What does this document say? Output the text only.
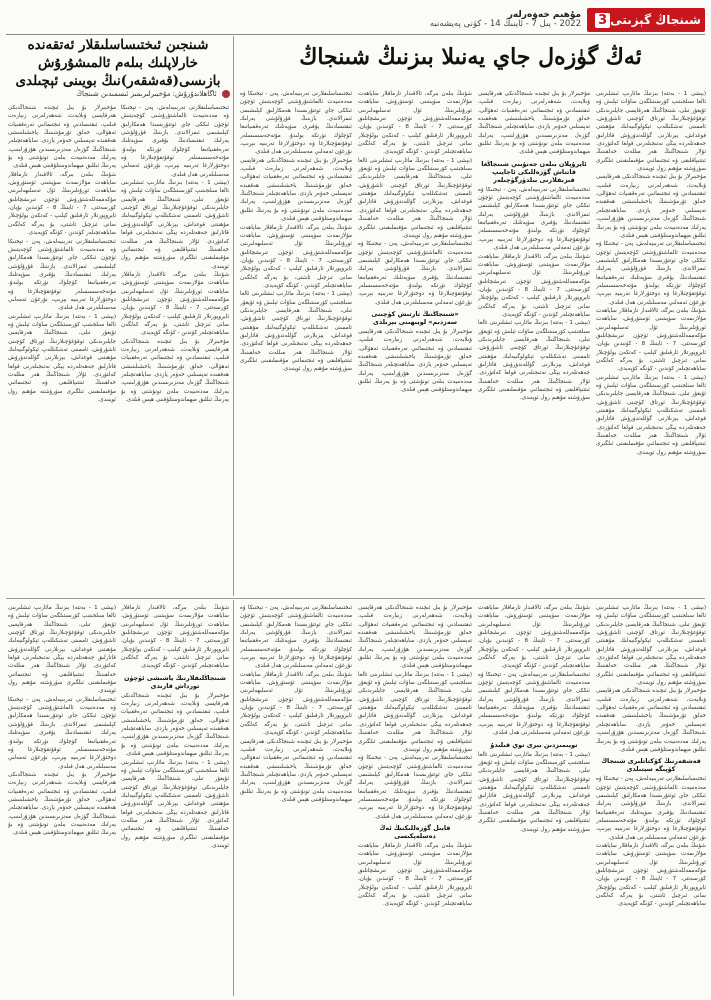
مۇھىم خەۋەرلەر
2022 - يىل 7 - ئاينىڭ 14 - كۈنى پەيشەنبە شىنجاڭ گېزىتى
3
ئەڭ گۈزەل جاي يەنىلا بىزنىڭ شىنجاڭ
شىنجىن ئىختىساسلىقلار ئەتقەندە خارلاپلىك بىلەم ئالمىشۇرۇش بازىسى(قەشقەر)نىڭ بويىنى ئېچىلدى
ئاگاھلاندۇرۇش: مۇخبىرلىرىمىز ئىسمىدىن شىنجاڭ	(بېشى 1 - بەتتە) بىزنىڭ مائارىپ ئىشلىرىنى ئالغا سىلجىتىپ كۆرسىتىلگەن ساۋات ئېلىش ۋە ئۇيغۇر تىلى، شىنجاڭنىڭ ھەرقايسى جايلىرىدىكى ئوقۇغۇچىلارنىڭ ئورتاق كۈچىنى ئاشۇرۇش، ئاممىنى تەشكىللەپ ئېكولوگىيەلىك مۇھىتنى قوغداش، يېزىلارنى گۈللەندۈرۈش قاتارلىق جەھەتلەردە يېڭى نەتىجىلەرنى قولغا كەلتۈردى. ئۇلار شىنجاڭنىڭ ھەر مىللەت خەلقىنىڭ ئىتتىپاقلىقى ۋە ئىجتىمائىي مۇقىملىقىنى ئىلگىرى سۈرۈشتە مۇھىم رول ئوينىدى.

مۇخبىرلار بۇ يىل ئىچىدە شىنجاڭدىكى ھەرقايسى ۋىلايەت، شەھەرلەرنى زىيارەت قىلىپ، ئىقتىسادىي ۋە ئىجتىمائىي تەرەققىيات ئەھۋالى، خەلق تۇرمۇشىنىڭ ياخشىلىنىشى ھەققىدە تەپسىلىي خەۋەر يازدى. ساياھەتچىلەر شىنجاڭنىڭ گۈزەل مەنزىرىسىدىن ھۇزۇرلىنىپ، يەرلىك مەدەنىيەت بىلەن تونۇشتى ۋە بۇ يەرنىڭ ئىللىق مېھماندوستلۇقىنى ھېس قىلدى.

ئىختىساسلىقلارنى تەربىيەلەش، پەن - تېخنىكا ۋە مەدەنىيەت ئالماشتۇرۇشنى كۈچەيتىش ئۈچۈن ئىككى جاي ئوتتۇرىسىدا ھەمكارلىق كېلىشىمى ئىمزالاندى. بازىنىڭ قۇرۇلۇشى يەرلىك ئىقتىسادنىڭ يۇقىرى سۈپەتلىك تەرەققىياتىغا كۈچلۈك تۈرتكە بولىدۇ. مۇتەخەسسىسلەر ئوقۇتقۇچىلارغا ۋە دوختۇرلارغا تەربىيە بېرىپ، نۇرغۇن ئەمەلىي مەسىلىلەرنى ھەل قىلدى.

شۇنىڭ بىلەن بىرگە، ئالاقىدار تارماقلار ساياھەت مۇلازىمەت سۈپىتىنى ئۆستۈرۈش، ساياھەت ئورۇنلىرىنىڭ ئۇل ئەسلىھەلىرىنى مۇكەممەللەشتۈرۈش ئۈچۈن تىرىشچانلىق كۆرسەتتى. 7 - ئاينىڭ 8 - كۈنىدىن بۇيان، ئايروپورتلار ئارقىلىق كېلىپ - كەتكەن يولۇچىلار سانى ئىزچىل ئاشتى، بۇ يەرگە كەلگەن ساياھەتچىلەر كۈندىن - كۈنگە كۆپەيدى.

(بېشى 1 - بەتتە) بىزنىڭ مائارىپ ئىشلىرىنى ئالغا سىلجىتىپ كۆرسىتىلگەن ساۋات ئېلىش ۋە ئۇيغۇر تىلى، شىنجاڭنىڭ ھەرقايسى جايلىرىدىكى ئوقۇغۇچىلارنىڭ ئورتاق كۈچىنى ئاشۇرۇش، ئاممىنى تەشكىللەپ ئېكولوگىيەلىك مۇھىتنى قوغداش، يېزىلارنى گۈللەندۈرۈش قاتارلىق جەھەتلەردە يېڭى نەتىجىلەرنى قولغا كەلتۈردى. ئۇلار شىنجاڭنىڭ ھەر مىللەت خەلقىنىڭ ئىتتىپاقلىقى ۋە ئىجتىمائىي مۇقىملىقىنى ئىلگىرى سۈرۈشتە مۇھىم رول ئوينىدى.

مۇخبىرلار بۇ يىل ئىچىدە شىنجاڭدىكى ھەرقايسى ۋىلايەت، شەھەرلەرنى زىيارەت قىلىپ، ئىقتىسادىي ۋە ئىجتىمائىي تەرەققىيات ئەھۋالى، خەلق تۇرمۇشىنىڭ ياخشىلىنىشى ھەققىدە تەپسىلىي خەۋەر يازدى. ساياھەتچىلەر شىنجاڭنىڭ گۈزەل مەنزىرىسىدىن ھۇزۇرلىنىپ، يەرلىك مەدەنىيەت بىلەن تونۇشتى ۋە بۇ يەرنىڭ ئىللىق مېھماندوستلۇقىنى ھېس قىلدى.

ئايرۇپلان بىلەن جەنۇبىي شىنجاڭغا قاتناش گۈزەللىكى ئاجايىپ قىزىقلارنى بىلدۈرگۈچىلەر

ئىختىساسلىقلارنى تەربىيەلەش، پەن - تېخنىكا ۋە مەدەنىيەت ئالماشتۇرۇشنى كۈچەيتىش ئۈچۈن ئىككى جاي ئوتتۇرىسىدا ھەمكارلىق كېلىشىمى ئىمزالاندى. بازىنىڭ قۇرۇلۇشى يەرلىك ئىقتىسادنىڭ يۇقىرى سۈپەتلىك تەرەققىياتىغا كۈچلۈك تۈرتكە بولىدۇ. مۇتەخەسسىسلەر ئوقۇتقۇچىلارغا ۋە دوختۇرلارغا تەربىيە بېرىپ، نۇرغۇن ئەمەلىي مەسىلىلەرنى ھەل قىلدى.

شۇنىڭ بىلەن بىرگە، ئالاقىدار تارماقلار ساياھەت مۇلازىمەت سۈپىتىنى ئۆستۈرۈش، ساياھەت ئورۇنلىرىنىڭ ئۇل ئەسلىھەلىرىنى مۇكەممەللەشتۈرۈش ئۈچۈن تىرىشچانلىق كۆرسەتتى. 7 - ئاينىڭ 8 - كۈنىدىن بۇيان، ئايروپورتلار ئارقىلىق كېلىپ - كەتكەن يولۇچىلار سانى ئىزچىل ئاشتى، بۇ يەرگە كەلگەن ساياھەتچىلەر كۈندىن - كۈنگە كۆپەيدى.

(بېشى 1 - بەتتە) بىزنىڭ مائارىپ ئىشلىرىنى ئالغا سىلجىتىپ كۆرسىتىلگەن ساۋات ئېلىش ۋە ئۇيغۇر تىلى، شىنجاڭنىڭ ھەرقايسى جايلىرىدىكى ئوقۇغۇچىلارنىڭ ئورتاق كۈچىنى ئاشۇرۇش، ئاممىنى تەشكىللەپ ئېكولوگىيەلىك مۇھىتنى قوغداش، يېزىلارنى گۈللەندۈرۈش قاتارلىق جەھەتلەردە يېڭى نەتىجىلەرنى قولغا كەلتۈردى. ئۇلار شىنجاڭنىڭ ھەر مىللەت خەلقىنىڭ ئىتتىپاقلىقى ۋە ئىجتىمائىي مۇقىملىقىنى ئىلگىرى سۈرۈشتە مۇھىم رول ئوينىدى.

شۇنىڭ بىلەن بىرگە، ئالاقىدار تارماقلار ساياھەت مۇلازىمەت سۈپىتىنى ئۆستۈرۈش، ساياھەت ئورۇنلىرىنىڭ ئۇل ئەسلىھەلىرىنى مۇكەممەللەشتۈرۈش ئۈچۈن تىرىشچانلىق كۆرسەتتى. 7 - ئاينىڭ 8 - كۈنىدىن بۇيان، ئايروپورتلار ئارقىلىق كېلىپ - كەتكەن يولۇچىلار سانى ئىزچىل ئاشتى، بۇ يەرگە كەلگەن ساياھەتچىلەر كۈندىن - كۈنگە كۆپەيدى.

(بېشى 1 - بەتتە) بىزنىڭ مائارىپ ئىشلىرىنى ئالغا سىلجىتىپ كۆرسىتىلگەن ساۋات ئېلىش ۋە ئۇيغۇر تىلى، شىنجاڭنىڭ ھەرقايسى جايلىرىدىكى ئوقۇغۇچىلارنىڭ ئورتاق كۈچىنى ئاشۇرۇش، ئاممىنى تەشكىللەپ ئېكولوگىيەلىك مۇھىتنى قوغداش، يېزىلارنى گۈللەندۈرۈش قاتارلىق جەھەتلەردە يېڭى نەتىجىلەرنى قولغا كەلتۈردى. ئۇلار شىنجاڭنىڭ ھەر مىللەت خەلقىنىڭ ئىتتىپاقلىقى ۋە ئىجتىمائىي مۇقىملىقىنى ئىلگىرى سۈرۈشتە مۇھىم رول ئوينىدى.

ئىختىساسلىقلارنى تەربىيەلەش، پەن - تېخنىكا ۋە مەدەنىيەت ئالماشتۇرۇشنى كۈچەيتىش ئۈچۈن ئىككى جاي ئوتتۇرىسىدا ھەمكارلىق كېلىشىمى ئىمزالاندى. بازىنىڭ قۇرۇلۇشى يەرلىك ئىقتىسادنىڭ يۇقىرى سۈپەتلىك تەرەققىياتىغا كۈچلۈك تۈرتكە بولىدۇ. مۇتەخەسسىسلەر ئوقۇتقۇچىلارغا ۋە دوختۇرلارغا تەربىيە بېرىپ، نۇرغۇن ئەمەلىي مەسىلىلەرنى ھەل قىلدى.

«شىنجاڭنىڭ تارتىش كۈچىنى سەزدىم» لويىھىنى بېرىلدى

مۇخبىرلار بۇ يىل ئىچىدە شىنجاڭدىكى ھەرقايسى ۋىلايەت، شەھەرلەرنى زىيارەت قىلىپ، ئىقتىسادىي ۋە ئىجتىمائىي تەرەققىيات ئەھۋالى، خەلق تۇرمۇشىنىڭ ياخشىلىنىشى ھەققىدە تەپسىلىي خەۋەر يازدى. ساياھەتچىلەر شىنجاڭنىڭ گۈزەل مەنزىرىسىدىن ھۇزۇرلىنىپ، يەرلىك مەدەنىيەت بىلەن تونۇشتى ۋە بۇ يەرنىڭ ئىللىق مېھماندوستلۇقىنى ھېس قىلدى.

ئىختىساسلىقلارنى تەربىيەلەش، پەن - تېخنىكا ۋە مەدەنىيەت ئالماشتۇرۇشنى كۈچەيتىش ئۈچۈن ئىككى جاي ئوتتۇرىسىدا ھەمكارلىق كېلىشىمى ئىمزالاندى. بازىنىڭ قۇرۇلۇشى يەرلىك ئىقتىسادنىڭ يۇقىرى سۈپەتلىك تەرەققىياتىغا كۈچلۈك تۈرتكە بولىدۇ. مۇتەخەسسىسلەر ئوقۇتقۇچىلارغا ۋە دوختۇرلارغا تەربىيە بېرىپ، نۇرغۇن ئەمەلىي مەسىلىلەرنى ھەل قىلدى.

مۇخبىرلار بۇ يىل ئىچىدە شىنجاڭدىكى ھەرقايسى ۋىلايەت، شەھەرلەرنى زىيارەت قىلىپ، ئىقتىسادىي ۋە ئىجتىمائىي تەرەققىيات ئەھۋالى، خەلق تۇرمۇشىنىڭ ياخشىلىنىشى ھەققىدە تەپسىلىي خەۋەر يازدى. ساياھەتچىلەر شىنجاڭنىڭ گۈزەل مەنزىرىسىدىن ھۇزۇرلىنىپ، يەرلىك مەدەنىيەت بىلەن تونۇشتى ۋە بۇ يەرنىڭ ئىللىق مېھماندوستلۇقىنى ھېس قىلدى.

شۇنىڭ بىلەن بىرگە، ئالاقىدار تارماقلار ساياھەت مۇلازىمەت سۈپىتىنى ئۆستۈرۈش، ساياھەت ئورۇنلىرىنىڭ ئۇل ئەسلىھەلىرىنى مۇكەممەللەشتۈرۈش ئۈچۈن تىرىشچانلىق كۆرسەتتى. 7 - ئاينىڭ 8 - كۈنىدىن بۇيان، ئايروپورتلار ئارقىلىق كېلىپ - كەتكەن يولۇچىلار سانى ئىزچىل ئاشتى، بۇ يەرگە كەلگەن ساياھەتچىلەر كۈندىن - كۈنگە كۆپەيدى.

(بېشى 1 - بەتتە) بىزنىڭ مائارىپ ئىشلىرىنى ئالغا سىلجىتىپ كۆرسىتىلگەن ساۋات ئېلىش ۋە ئۇيغۇر تىلى، شىنجاڭنىڭ ھەرقايسى جايلىرىدىكى ئوقۇغۇچىلارنىڭ ئورتاق كۈچىنى ئاشۇرۇش، ئاممىنى تەشكىللەپ ئېكولوگىيەلىك مۇھىتنى قوغداش، يېزىلارنى گۈللەندۈرۈش قاتارلىق جەھەتلەردە يېڭى نەتىجىلەرنى قولغا كەلتۈردى. ئۇلار شىنجاڭنىڭ ھەر مىللەت خەلقىنىڭ ئىتتىپاقلىقى ۋە ئىجتىمائىي مۇقىملىقىنى ئىلگىرى سۈرۈشتە مۇھىم رول ئوينىدى.

ئىختىساسلىقلارنى تەربىيەلەش، پەن - تېخنىكا ۋە مەدەنىيەت ئالماشتۇرۇشنى كۈچەيتىش ئۈچۈن ئىككى جاي ئوتتۇرىسىدا ھەمكارلىق كېلىشىمى ئىمزالاندى. بازىنىڭ قۇرۇلۇشى يەرلىك ئىقتىسادنىڭ يۇقىرى سۈپەتلىك تەرەققىياتىغا كۈچلۈك تۈرتكە بولىدۇ. مۇتەخەسسىسلەر ئوقۇتقۇچىلارغا ۋە دوختۇرلارغا تەربىيە بېرىپ، نۇرغۇن ئەمەلىي مەسىلىلەرنى ھەل قىلدى.

(بېشى 1 - بەتتە) بىزنىڭ مائارىپ ئىشلىرىنى ئالغا سىلجىتىپ كۆرسىتىلگەن ساۋات ئېلىش ۋە ئۇيغۇر تىلى، شىنجاڭنىڭ ھەرقايسى جايلىرىدىكى ئوقۇغۇچىلارنىڭ ئورتاق كۈچىنى ئاشۇرۇش، ئاممىنى تەشكىللەپ ئېكولوگىيەلىك مۇھىتنى قوغداش، يېزىلارنى گۈللەندۈرۈش قاتارلىق جەھەتلەردە يېڭى نەتىجىلەرنى قولغا كەلتۈردى. ئۇلار شىنجاڭنىڭ ھەر مىللەت خەلقىنىڭ ئىتتىپاقلىقى ۋە ئىجتىمائىي مۇقىملىقىنى ئىلگىرى سۈرۈشتە مۇھىم رول ئوينىدى.

شۇنىڭ بىلەن بىرگە، ئالاقىدار تارماقلار ساياھەت مۇلازىمەت سۈپىتىنى ئۆستۈرۈش، ساياھەت ئورۇنلىرىنىڭ ئۇل ئەسلىھەلىرىنى مۇكەممەللەشتۈرۈش ئۈچۈن تىرىشچانلىق كۆرسەتتى. 7 - ئاينىڭ 8 - كۈنىدىن بۇيان، ئايروپورتلار ئارقىلىق كېلىپ - كەتكەن يولۇچىلار سانى ئىزچىل ئاشتى، بۇ يەرگە كەلگەن ساياھەتچىلەر كۈندىن - كۈنگە كۆپەيدى.

مۇخبىرلار بۇ يىل ئىچىدە شىنجاڭدىكى ھەرقايسى ۋىلايەت، شەھەرلەرنى زىيارەت قىلىپ، ئىقتىسادىي ۋە ئىجتىمائىي تەرەققىيات ئەھۋالى، خەلق تۇرمۇشىنىڭ ياخشىلىنىشى ھەققىدە تەپسىلىي خەۋەر يازدى. ساياھەتچىلەر شىنجاڭنىڭ گۈزەل مەنزىرىسىدىن ھۇزۇرلىنىپ، يەرلىك مەدەنىيەت بىلەن تونۇشتى ۋە بۇ يەرنىڭ ئىللىق مېھماندوستلۇقىنى ھېس قىلدى.

مۇخبىرلار بۇ يىل ئىچىدە شىنجاڭدىكى ھەرقايسى ۋىلايەت، شەھەرلەرنى زىيارەت قىلىپ، ئىقتىسادىي ۋە ئىجتىمائىي تەرەققىيات ئەھۋالى، خەلق تۇرمۇشىنىڭ ياخشىلىنىشى ھەققىدە تەپسىلىي خەۋەر يازدى. ساياھەتچىلەر شىنجاڭنىڭ گۈزەل مەنزىرىسىدىن ھۇزۇرلىنىپ، يەرلىك مەدەنىيەت بىلەن تونۇشتى ۋە بۇ يەرنىڭ ئىللىق مېھماندوستلۇقىنى ھېس قىلدى.

شۇنىڭ بىلەن بىرگە، ئالاقىدار تارماقلار ساياھەت مۇلازىمەت سۈپىتىنى ئۆستۈرۈش، ساياھەت ئورۇنلىرىنىڭ ئۇل ئەسلىھەلىرىنى مۇكەممەللەشتۈرۈش ئۈچۈن تىرىشچانلىق كۆرسەتتى. 7 - ئاينىڭ 8 - كۈنىدىن بۇيان، ئايروپورتلار ئارقىلىق كېلىپ - كەتكەن يولۇچىلار سانى ئىزچىل ئاشتى، بۇ يەرگە كەلگەن ساياھەتچىلەر كۈندىن - كۈنگە كۆپەيدى.

ئىختىساسلىقلارنى تەربىيەلەش، پەن - تېخنىكا ۋە مەدەنىيەت ئالماشتۇرۇشنى كۈچەيتىش ئۈچۈن ئىككى جاي ئوتتۇرىسىدا ھەمكارلىق كېلىشىمى ئىمزالاندى. بازىنىڭ قۇرۇلۇشى يەرلىك ئىقتىسادنىڭ يۇقىرى سۈپەتلىك تەرەققىياتىغا كۈچلۈك تۈرتكە بولىدۇ. مۇتەخەسسىسلەر ئوقۇتقۇچىلارغا ۋە دوختۇرلارغا تەربىيە بېرىپ، نۇرغۇن ئەمەلىي مەسىلىلەرنى ھەل قىلدى.

(بېشى 1 - بەتتە) بىزنىڭ مائارىپ ئىشلىرىنى ئالغا سىلجىتىپ كۆرسىتىلگەن ساۋات ئېلىش ۋە ئۇيغۇر تىلى، شىنجاڭنىڭ ھەرقايسى جايلىرىدىكى ئوقۇغۇچىلارنىڭ ئورتاق كۈچىنى ئاشۇرۇش، ئاممىنى تەشكىللەپ ئېكولوگىيەلىك مۇھىتنى قوغداش، يېزىلارنى گۈللەندۈرۈش قاتارلىق جەھەتلەردە يېڭى نەتىجىلەرنى قولغا كەلتۈردى. ئۇلار شىنجاڭنىڭ ھەر مىللەت خەلقىنىڭ ئىتتىپاقلىقى ۋە ئىجتىمائىي مۇقىملىقىنى ئىلگىرى سۈرۈشتە مۇھىم رول ئوينىدى.

(بېشى 1 - بەتتە) بىزنىڭ مائارىپ ئىشلىرىنى ئالغا سىلجىتىپ كۆرسىتىلگەن ساۋات ئېلىش ۋە ئۇيغۇر تىلى، شىنجاڭنىڭ ھەرقايسى جايلىرىدىكى ئوقۇغۇچىلارنىڭ ئورتاق كۈچىنى ئاشۇرۇش، ئاممىنى تەشكىللەپ ئېكولوگىيەلىك مۇھىتنى قوغداش، يېزىلارنى گۈللەندۈرۈش قاتارلىق جەھەتلەردە يېڭى نەتىجىلەرنى قولغا كەلتۈردى. ئۇلار شىنجاڭنىڭ ھەر مىللەت خەلقىنىڭ ئىتتىپاقلىقى ۋە ئىجتىمائىي مۇقىملىقىنى ئىلگىرى سۈرۈشتە مۇھىم رول ئوينىدى.

مۇخبىرلار بۇ يىل ئىچىدە شىنجاڭدىكى ھەرقايسى ۋىلايەت، شەھەرلەرنى زىيارەت قىلىپ، ئىقتىسادىي ۋە ئىجتىمائىي تەرەققىيات ئەھۋالى، خەلق تۇرمۇشىنىڭ ياخشىلىنىشى ھەققىدە تەپسىلىي خەۋەر يازدى. ساياھەتچىلەر شىنجاڭنىڭ گۈزەل مەنزىرىسىدىن ھۇزۇرلىنىپ، يەرلىك مەدەنىيەت بىلەن تونۇشتى ۋە بۇ يەرنىڭ ئىللىق مېھماندوستلۇقىنى ھېس قىلدى.

قەشقەرنىڭ كۆكتاتلىرى شىنجاڭ كۆپىگە سېتىلدى

ئىختىساسلىقلارنى تەربىيەلەش، پەن - تېخنىكا ۋە مەدەنىيەت ئالماشتۇرۇشنى كۈچەيتىش ئۈچۈن ئىككى جاي ئوتتۇرىسىدا ھەمكارلىق كېلىشىمى ئىمزالاندى. بازىنىڭ قۇرۇلۇشى يەرلىك ئىقتىسادنىڭ يۇقىرى سۈپەتلىك تەرەققىياتىغا كۈچلۈك تۈرتكە بولىدۇ. مۇتەخەسسىسلەر ئوقۇتقۇچىلارغا ۋە دوختۇرلارغا تەربىيە بېرىپ، نۇرغۇن ئەمەلىي مەسىلىلەرنى ھەل قىلدى.

شۇنىڭ بىلەن بىرگە، ئالاقىدار تارماقلار ساياھەت مۇلازىمەت سۈپىتىنى ئۆستۈرۈش، ساياھەت ئورۇنلىرىنىڭ ئۇل ئەسلىھەلىرىنى مۇكەممەللەشتۈرۈش ئۈچۈن تىرىشچانلىق كۆرسەتتى. 7 - ئاينىڭ 8 - كۈنىدىن بۇيان، ئايروپورتلار ئارقىلىق كېلىپ - كەتكەن يولۇچىلار سانى ئىزچىل ئاشتى، بۇ يەرگە كەلگەن ساياھەتچىلەر كۈندىن - كۈنگە كۆپەيدى.

شۇنىڭ بىلەن بىرگە، ئالاقىدار تارماقلار ساياھەت مۇلازىمەت سۈپىتىنى ئۆستۈرۈش، ساياھەت ئورۇنلىرىنىڭ ئۇل ئەسلىھەلىرىنى مۇكەممەللەشتۈرۈش ئۈچۈن تىرىشچانلىق كۆرسەتتى. 7 - ئاينىڭ 8 - كۈنىدىن بۇيان، ئايروپورتلار ئارقىلىق كېلىپ - كەتكەن يولۇچىلار سانى ئىزچىل ئاشتى، بۇ يەرگە كەلگەن ساياھەتچىلەر كۈندىن - كۈنگە كۆپەيدى.

ئىختىساسلىقلارنى تەربىيەلەش، پەن - تېخنىكا ۋە مەدەنىيەت ئالماشتۇرۇشنى كۈچەيتىش ئۈچۈن ئىككى جاي ئوتتۇرىسىدا ھەمكارلىق كېلىشىمى ئىمزالاندى. بازىنىڭ قۇرۇلۇشى يەرلىك ئىقتىسادنىڭ يۇقىرى سۈپەتلىك تەرەققىياتىغا كۈچلۈك تۈرتكە بولىدۇ. مۇتەخەسسىسلەر ئوقۇتقۇچىلارغا ۋە دوختۇرلارغا تەربىيە بېرىپ، نۇرغۇن ئەمەلىي مەسىلىلەرنى ھەل قىلدى.

تويىمىزدىن بېرى توي قىلىدۇ

(بېشى 1 - بەتتە) بىزنىڭ مائارىپ ئىشلىرىنى ئالغا سىلجىتىپ كۆرسىتىلگەن ساۋات ئېلىش ۋە ئۇيغۇر تىلى، شىنجاڭنىڭ ھەرقايسى جايلىرىدىكى ئوقۇغۇچىلارنىڭ ئورتاق كۈچىنى ئاشۇرۇش، ئاممىنى تەشكىللەپ ئېكولوگىيەلىك مۇھىتنى قوغداش، يېزىلارنى گۈللەندۈرۈش قاتارلىق جەھەتلەردە يېڭى نەتىجىلەرنى قولغا كەلتۈردى. ئۇلار شىنجاڭنىڭ ھەر مىللەت خەلقىنىڭ ئىتتىپاقلىقى ۋە ئىجتىمائىي مۇقىملىقىنى ئىلگىرى سۈرۈشتە مۇھىم رول ئوينىدى.

مۇخبىرلار بۇ يىل ئىچىدە شىنجاڭدىكى ھەرقايسى ۋىلايەت، شەھەرلەرنى زىيارەت قىلىپ، ئىقتىسادىي ۋە ئىجتىمائىي تەرەققىيات ئەھۋالى، خەلق تۇرمۇشىنىڭ ياخشىلىنىشى ھەققىدە تەپسىلىي خەۋەر يازدى. ساياھەتچىلەر شىنجاڭنىڭ گۈزەل مەنزىرىسىدىن ھۇزۇرلىنىپ، يەرلىك مەدەنىيەت بىلەن تونۇشتى ۋە بۇ يەرنىڭ ئىللىق مېھماندوستلۇقىنى ھېس قىلدى.

(بېشى 1 - بەتتە) بىزنىڭ مائارىپ ئىشلىرىنى ئالغا سىلجىتىپ كۆرسىتىلگەن ساۋات ئېلىش ۋە ئۇيغۇر تىلى، شىنجاڭنىڭ ھەرقايسى جايلىرىدىكى ئوقۇغۇچىلارنىڭ ئورتاق كۈچىنى ئاشۇرۇش، ئاممىنى تەشكىللەپ ئېكولوگىيەلىك مۇھىتنى قوغداش، يېزىلارنى گۈللەندۈرۈش قاتارلىق جەھەتلەردە يېڭى نەتىجىلەرنى قولغا كەلتۈردى. ئۇلار شىنجاڭنىڭ ھەر مىللەت خەلقىنىڭ ئىتتىپاقلىقى ۋە ئىجتىمائىي مۇقىملىقىنى ئىلگىرى سۈرۈشتە مۇھىم رول ئوينىدى.

ئىختىساسلىقلارنى تەربىيەلەش، پەن - تېخنىكا ۋە مەدەنىيەت ئالماشتۇرۇشنى كۈچەيتىش ئۈچۈن ئىككى جاي ئوتتۇرىسىدا ھەمكارلىق كېلىشىمى ئىمزالاندى. بازىنىڭ قۇرۇلۇشى يەرلىك ئىقتىسادنىڭ يۇقىرى سۈپەتلىك تەرەققىياتىغا كۈچلۈك تۈرتكە بولىدۇ. مۇتەخەسسىسلەر ئوقۇتقۇچىلارغا ۋە دوختۇرلارغا تەربىيە بېرىپ، نۇرغۇن ئەمەلىي مەسىلىلەرنى ھەل قىلدى.

قابىل گۈزەللىكنىڭ ئەڭ دەسلەپكىسى

شۇنىڭ بىلەن بىرگە، ئالاقىدار تارماقلار ساياھەت مۇلازىمەت سۈپىتىنى ئۆستۈرۈش، ساياھەت ئورۇنلىرىنىڭ ئۇل ئەسلىھەلىرىنى مۇكەممەللەشتۈرۈش ئۈچۈن تىرىشچانلىق كۆرسەتتى. 7 - ئاينىڭ 8 - كۈنىدىن بۇيان، ئايروپورتلار ئارقىلىق كېلىپ - كەتكەن يولۇچىلار سانى ئىزچىل ئاشتى، بۇ يەرگە كەلگەن ساياھەتچىلەر كۈندىن - كۈنگە كۆپەيدى.

ئىختىساسلىقلارنى تەربىيەلەش، پەن - تېخنىكا ۋە مەدەنىيەت ئالماشتۇرۇشنى كۈچەيتىش ئۈچۈن ئىككى جاي ئوتتۇرىسىدا ھەمكارلىق كېلىشىمى ئىمزالاندى. بازىنىڭ قۇرۇلۇشى يەرلىك ئىقتىسادنىڭ يۇقىرى سۈپەتلىك تەرەققىياتىغا كۈچلۈك تۈرتكە بولىدۇ. مۇتەخەسسىسلەر ئوقۇتقۇچىلارغا ۋە دوختۇرلارغا تەربىيە بېرىپ، نۇرغۇن ئەمەلىي مەسىلىلەرنى ھەل قىلدى.

شۇنىڭ بىلەن بىرگە، ئالاقىدار تارماقلار ساياھەت مۇلازىمەت سۈپىتىنى ئۆستۈرۈش، ساياھەت ئورۇنلىرىنىڭ ئۇل ئەسلىھەلىرىنى مۇكەممەللەشتۈرۈش ئۈچۈن تىرىشچانلىق كۆرسەتتى. 7 - ئاينىڭ 8 - كۈنىدىن بۇيان، ئايروپورتلار ئارقىلىق كېلىپ - كەتكەن يولۇچىلار سانى ئىزچىل ئاشتى، بۇ يەرگە كەلگەن ساياھەتچىلەر كۈندىن - كۈنگە كۆپەيدى.

مۇخبىرلار بۇ يىل ئىچىدە شىنجاڭدىكى ھەرقايسى ۋىلايەت، شەھەرلەرنى زىيارەت قىلىپ، ئىقتىسادىي ۋە ئىجتىمائىي تەرەققىيات ئەھۋالى، خەلق تۇرمۇشىنىڭ ياخشىلىنىشى ھەققىدە تەپسىلىي خەۋەر يازدى. ساياھەتچىلەر شىنجاڭنىڭ گۈزەل مەنزىرىسىدىن ھۇزۇرلىنىپ، يەرلىك مەدەنىيەت بىلەن تونۇشتى ۋە بۇ يەرنىڭ ئىللىق مېھماندوستلۇقىنى ھېس قىلدى.

شۇنىڭ بىلەن بىرگە، ئالاقىدار تارماقلار ساياھەت مۇلازىمەت سۈپىتىنى ئۆستۈرۈش، ساياھەت ئورۇنلىرىنىڭ ئۇل ئەسلىھەلىرىنى مۇكەممەللەشتۈرۈش ئۈچۈن تىرىشچانلىق كۆرسەتتى. 7 - ئاينىڭ 8 - كۈنىدىن بۇيان، ئايروپورتلار ئارقىلىق كېلىپ - كەتكەن يولۇچىلار سانى ئىزچىل ئاشتى، بۇ يەرگە كەلگەن ساياھەتچىلەر كۈندىن - كۈنگە كۆپەيدى.

شىنجاڭلىقلارنىڭ ياشىشى ئۈچۈن تورداش قارىدى

مۇخبىرلار بۇ يىل ئىچىدە شىنجاڭدىكى ھەرقايسى ۋىلايەت، شەھەرلەرنى زىيارەت قىلىپ، ئىقتىسادىي ۋە ئىجتىمائىي تەرەققىيات ئەھۋالى، خەلق تۇرمۇشىنىڭ ياخشىلىنىشى ھەققىدە تەپسىلىي خەۋەر يازدى. ساياھەتچىلەر شىنجاڭنىڭ گۈزەل مەنزىرىسىدىن ھۇزۇرلىنىپ، يەرلىك مەدەنىيەت بىلەن تونۇشتى ۋە بۇ يەرنىڭ ئىللىق مېھماندوستلۇقىنى ھېس قىلدى.

(بېشى 1 - بەتتە) بىزنىڭ مائارىپ ئىشلىرىنى ئالغا سىلجىتىپ كۆرسىتىلگەن ساۋات ئېلىش ۋە ئۇيغۇر تىلى، شىنجاڭنىڭ ھەرقايسى جايلىرىدىكى ئوقۇغۇچىلارنىڭ ئورتاق كۈچىنى ئاشۇرۇش، ئاممىنى تەشكىللەپ ئېكولوگىيەلىك مۇھىتنى قوغداش، يېزىلارنى گۈللەندۈرۈش قاتارلىق جەھەتلەردە يېڭى نەتىجىلەرنى قولغا كەلتۈردى. ئۇلار شىنجاڭنىڭ ھەر مىللەت خەلقىنىڭ ئىتتىپاقلىقى ۋە ئىجتىمائىي مۇقىملىقىنى ئىلگىرى سۈرۈشتە مۇھىم رول ئوينىدى.

(بېشى 1 - بەتتە) بىزنىڭ مائارىپ ئىشلىرىنى ئالغا سىلجىتىپ كۆرسىتىلگەن ساۋات ئېلىش ۋە ئۇيغۇر تىلى، شىنجاڭنىڭ ھەرقايسى جايلىرىدىكى ئوقۇغۇچىلارنىڭ ئورتاق كۈچىنى ئاشۇرۇش، ئاممىنى تەشكىللەپ ئېكولوگىيەلىك مۇھىتنى قوغداش، يېزىلارنى گۈللەندۈرۈش قاتارلىق جەھەتلەردە يېڭى نەتىجىلەرنى قولغا كەلتۈردى. ئۇلار شىنجاڭنىڭ ھەر مىللەت خەلقىنىڭ ئىتتىپاقلىقى ۋە ئىجتىمائىي مۇقىملىقىنى ئىلگىرى سۈرۈشتە مۇھىم رول ئوينىدى.

ئىختىساسلىقلارنى تەربىيەلەش، پەن - تېخنىكا ۋە مەدەنىيەت ئالماشتۇرۇشنى كۈچەيتىش ئۈچۈن ئىككى جاي ئوتتۇرىسىدا ھەمكارلىق كېلىشىمى ئىمزالاندى. بازىنىڭ قۇرۇلۇشى يەرلىك ئىقتىسادنىڭ يۇقىرى سۈپەتلىك تەرەققىياتىغا كۈچلۈك تۈرتكە بولىدۇ. مۇتەخەسسىسلەر ئوقۇتقۇچىلارغا ۋە دوختۇرلارغا تەربىيە بېرىپ، نۇرغۇن ئەمەلىي مەسىلىلەرنى ھەل قىلدى.

مۇخبىرلار بۇ يىل ئىچىدە شىنجاڭدىكى ھەرقايسى ۋىلايەت، شەھەرلەرنى زىيارەت قىلىپ، ئىقتىسادىي ۋە ئىجتىمائىي تەرەققىيات ئەھۋالى، خەلق تۇرمۇشىنىڭ ياخشىلىنىشى ھەققىدە تەپسىلىي خەۋەر يازدى. ساياھەتچىلەر شىنجاڭنىڭ گۈزەل مەنزىرىسىدىن ھۇزۇرلىنىپ، يەرلىك مەدەنىيەت بىلەن تونۇشتى ۋە بۇ يەرنىڭ ئىللىق مېھماندوستلۇقىنى ھېس قىلدى.
